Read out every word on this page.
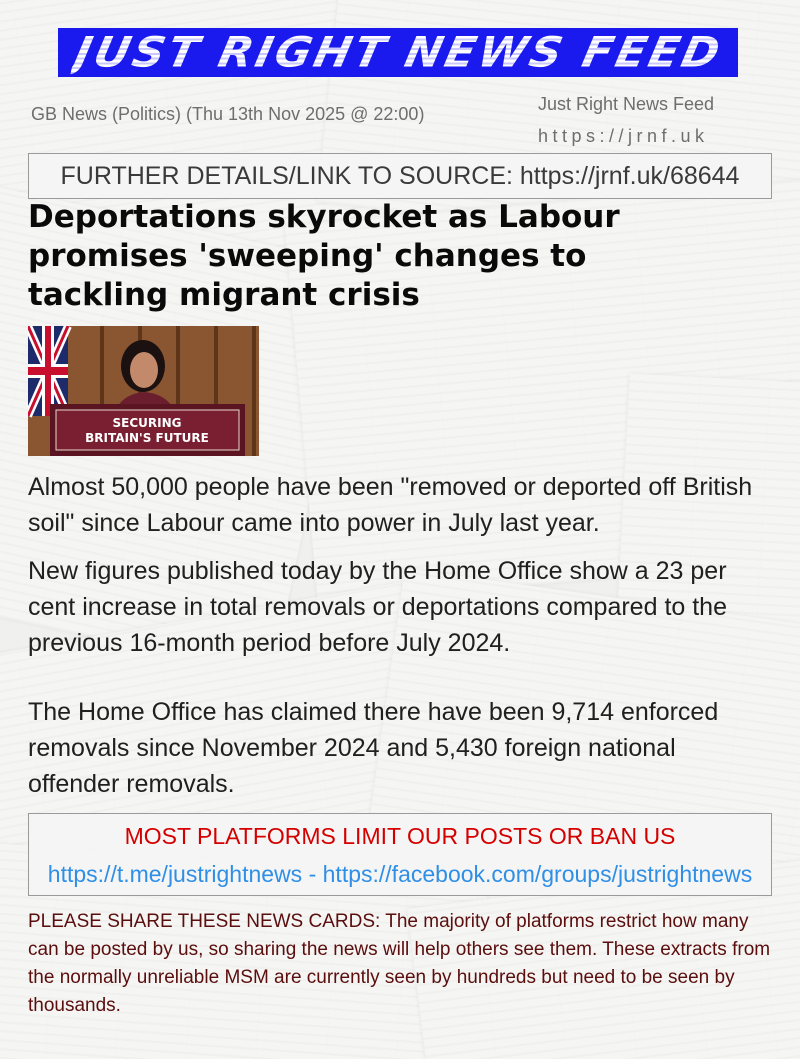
JUST RIGHT NEWS FEED
GB News (Politics) (Thu 13th Nov 2025 @ 22:00)	Just Right News Feed
https://jrnf.uk
FURTHER DETAILS/LINK TO SOURCE: https://jrnf.uk/68644
Deportations skyrocket as Labour promises 'sweeping' changes to tackling migrant crisis
SECURING
BRITAIN'S FUTURE

Almost 50,000 people have been "removed or deported off British soil" since Labour came into power in July last year.

New figures published today by the Home Office show a 23 per cent increase in total removals or deportations compared to the previous 16-month period before July 2024.

The Home Office has claimed there have been 9,714 enforced removals since November 2024 and 5,430 foreign national offender removals.

MOST PLATFORMS LIMIT OUR POSTS OR BAN US
https://t.me/justrightnews - https://facebook.com/groups/justrightnews

PLEASE SHARE THESE NEWS CARDS: The majority of platforms restrict how many can be posted by us, so sharing the news will help others see them. These extracts from the normally unreliable MSM are currently seen by hundreds but need to be seen by thousands.
